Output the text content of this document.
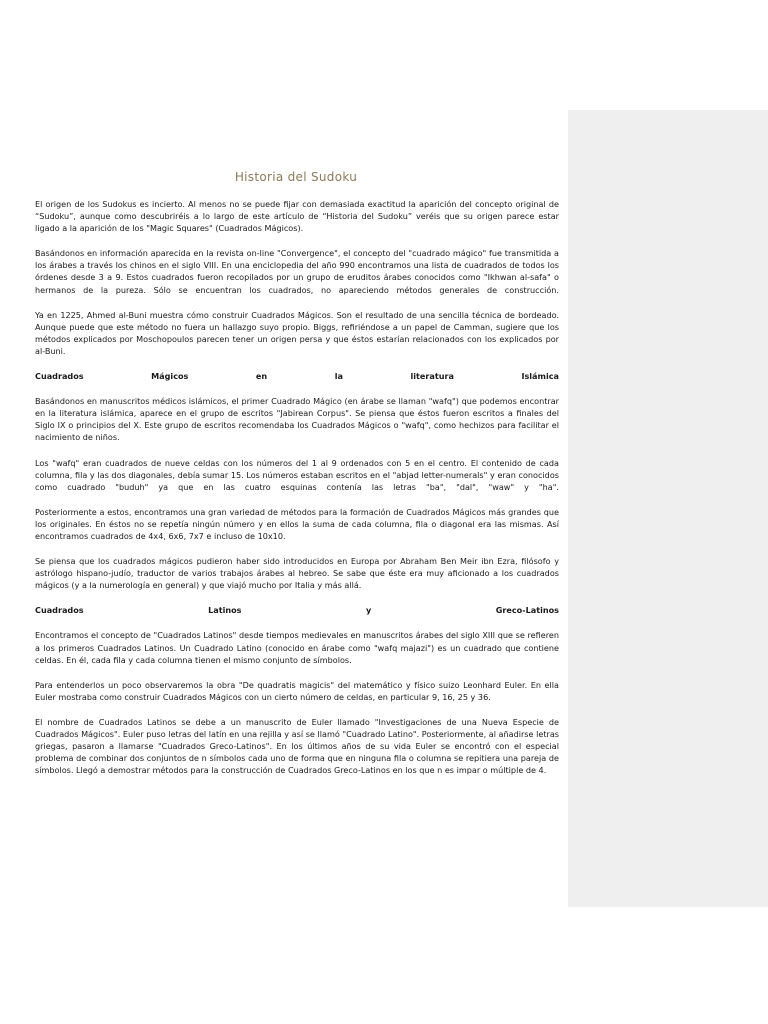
Historia del Sudoku

El origen de los Sudokus es incierto. Al menos no se puede fijar con demasiada exactitud la aparición del concepto original de “Sudoku”, aunque como descubriréis a lo largo de este artículo de “Historia del Sudoku” veréis que su origen parece estar ligado a la aparición de los "Magic Squares" (Cuadrados Mágicos).

Basándonos en información aparecida en la revista on-line "Convergence", el concepto del "cuadrado mágico" fue transmitida a los árabes a través los chinos en el siglo VIII. En una enciclopedia del año 990 encontramos una lista de cuadrados de todos los órdenes desde 3 a 9. Estos cuadrados fueron recopilados por un grupo de eruditos árabes conocidos como "Ikhwan al-safa" o hermanos de la pureza. Sólo se encuentran los cuadrados, no apareciendo métodos generales de construcción.

Ya en 1225, Ahmed al-Buni muestra cómo construir Cuadrados Mágicos. Son el resultado de una sencilla técnica de bordeado. Aunque puede que este método no fuera un hallazgo suyo propio. Biggs, refiriéndose a un papel de Camman, sugiere que los métodos explicados por Moschopoulos parecen tener un origen persa y que éstos estarían relacionados con los explicados por al-Buni.

Cuadrados Mágicos en la literatura Islámica

Basándonos en manuscritos médicos islámicos, el primer Cuadrado Mágico (en árabe se llaman "wafq") que podemos encontrar en la literatura islámica, aparece en el grupo de escritos "Jabirean Corpus". Se piensa que éstos fueron escritos a finales del Siglo IX o principios del X. Este grupo de escritos recomendaba los Cuadrados Mágicos o "wafq", como hechizos para facilitar el nacimiento de niños.

Los "wafq" eran cuadrados de nueve celdas con los números del 1 al 9 ordenados con 5 en el centro. El contenido de cada columna, fila y las dos diagonales, debía sumar 15. Los números estaban escritos en el "abjad letter-numerals" y eran conocidos como cuadrado "buduh" ya que en las cuatro esquinas contenía las letras "ba", "dal", "waw" y "ha".

Posteriormente a estos, encontramos una gran variedad de métodos para la formación de Cuadrados Mágicos más grandes que los originales. En éstos no se repetía ningún número y en ellos la suma de cada columna, fila o diagonal era las mismas. Así encontramos cuadrados de 4x4, 6x6, 7x7 e incluso de 10x10.

Se piensa que los cuadrados mágicos pudieron haber sido introducidos en Europa por Abraham Ben Meir ibn Ezra, filósofo y astrólogo hispano-judío, traductor de varios trabajos árabes al hebreo. Se sabe que éste era muy aficionado a los cuadrados mágicos (y a la numerología en general) y que viajó mucho por Italia y más allá.

Cuadrados Latinos y Greco-Latinos

Encontramos el concepto de "Cuadrados Latinos" desde tiempos medievales en manuscritos árabes del siglo XIII que se refieren a los primeros Cuadrados Latinos. Un Cuadrado Latino (conocido en árabe como "wafq majazi") es un cuadrado que contiene celdas. En él, cada fila y cada columna tienen el mismo conjunto de símbolos.

Para entenderlos un poco observaremos la obra "De quadratis magicis" del matemático y físico suizo Leonhard Euler. En ella Euler mostraba como construir Cuadrados Mágicos con un cierto número de celdas, en particular 9, 16, 25 y 36.

El nombre de Cuadrados Latinos se debe a un manuscrito de Euler llamado "Investigaciones de una Nueva Especie de Cuadrados Mágicos". Euler puso letras del latín en una rejilla y así se llamó "Cuadrado Latino". Posteriormente, al añadirse letras griegas, pasaron a llamarse "Cuadrados Greco-Latinos". En los últimos años de su vida Euler se encontró con el especial problema de combinar dos conjuntos de n símbolos cada uno de forma que en ninguna fila o columna se repitiera una pareja de símbolos. Llegó a demostrar métodos para la construcción de Cuadrados Greco-Latinos en los que n es impar o múltiple de 4.
